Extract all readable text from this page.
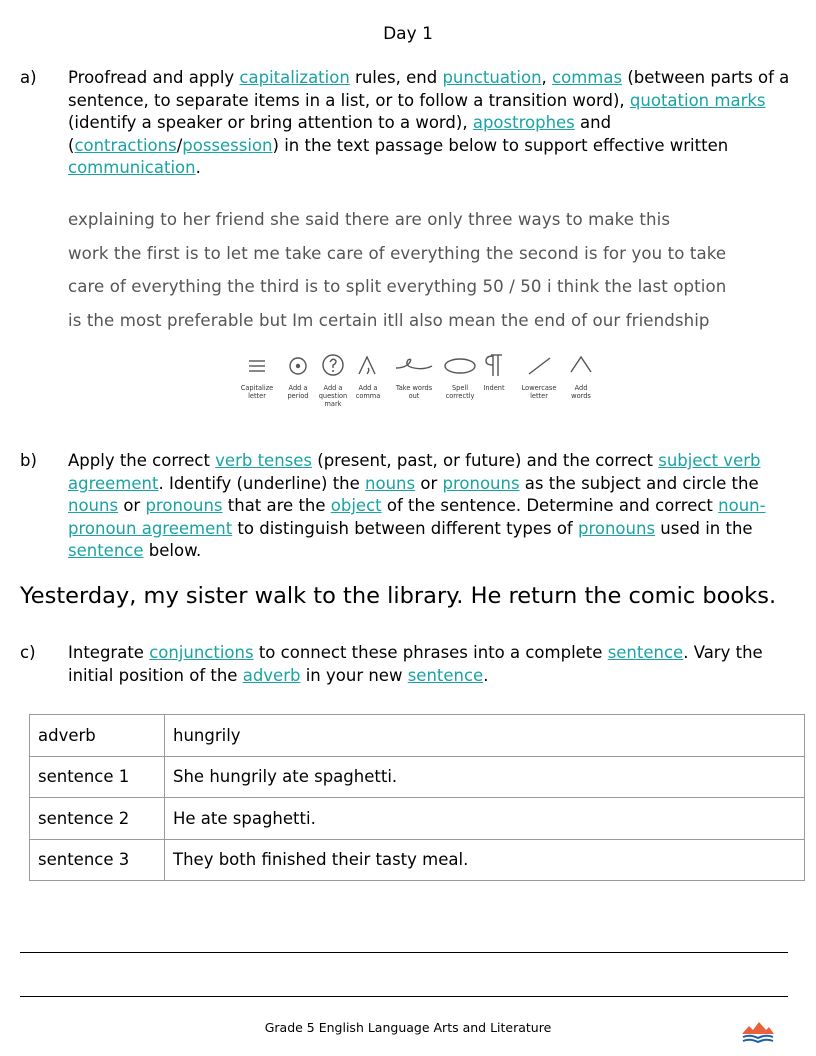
Day 1
a) Proofread and apply capitalization rules, end punctuation, commas (between parts of a sentence, to separate items in a list, or to follow a transition word), quotation marks (identify a speaker or bring attention to a word), apostrophes and (contractions/possession) in the text passage below to support effective written communication.
explaining to her friend she said there are only three ways to make this
work the first is to let me take care of everything the second is for you to take
care of everything the third is to split everything 50 / 50 i think the last option
is the most preferable but Im certain itll also mean the end of our friendship
Capitalize letter
Add a period
Add a question mark
Add a comma
Take words out
Spell correctly
Indent	Lowercase letter
Add words
b) Apply the correct verb tenses (present, past, or future) and the correct subject verb agreement. Identify (underline) the nouns or pronouns as the subject and circle the nouns or pronouns that are the object of the sentence. Determine and correct noun-pronoun agreement to distinguish between different types of pronouns used in the sentence below.
Yesterday, my sister walk to the library. He return the comic books.
c) Integrate conjunctions to connect these phrases into a complete sentence. Vary the initial position of the adverb in your new sentence.
adverb	hungrily
sentence 1	She hungrily ate spaghetti.
sentence 2	He ate spaghetti.
sentence 3	They both finished their tasty meal.
Grade 5 English Language Arts and Literature
